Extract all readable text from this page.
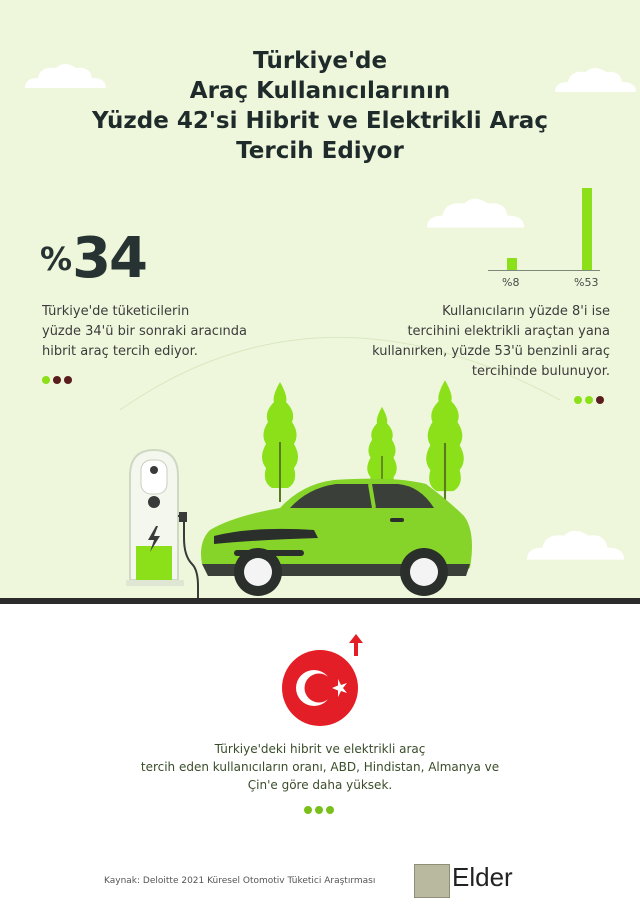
Türkiye'de
Araç Kullanıcılarının
Yüzde 42'si Hibrit ve Elektrikli Araç
Tercih Ediyor
%34
Türkiye'de tüketicilerin
yüzde 34'ü bir sonraki aracında
hibrit araç tercih ediyor.
%8	%53
Kullanıcıların yüzde 8'i ise
tercihini elektrikli araçtan yana
kullanırken, yüzde 53'ü benzinli araç
tercihinde bulunuyor.
Türkiye'deki hibrit ve elektrikli araç
tercih eden kullanıcıların oranı, ABD, Hindistan, Almanya ve
Çin'e göre daha yüksek.
Kaynak: Deloitte 2021 Küresel Otomotiv Tüketici Araştırması	Elder
